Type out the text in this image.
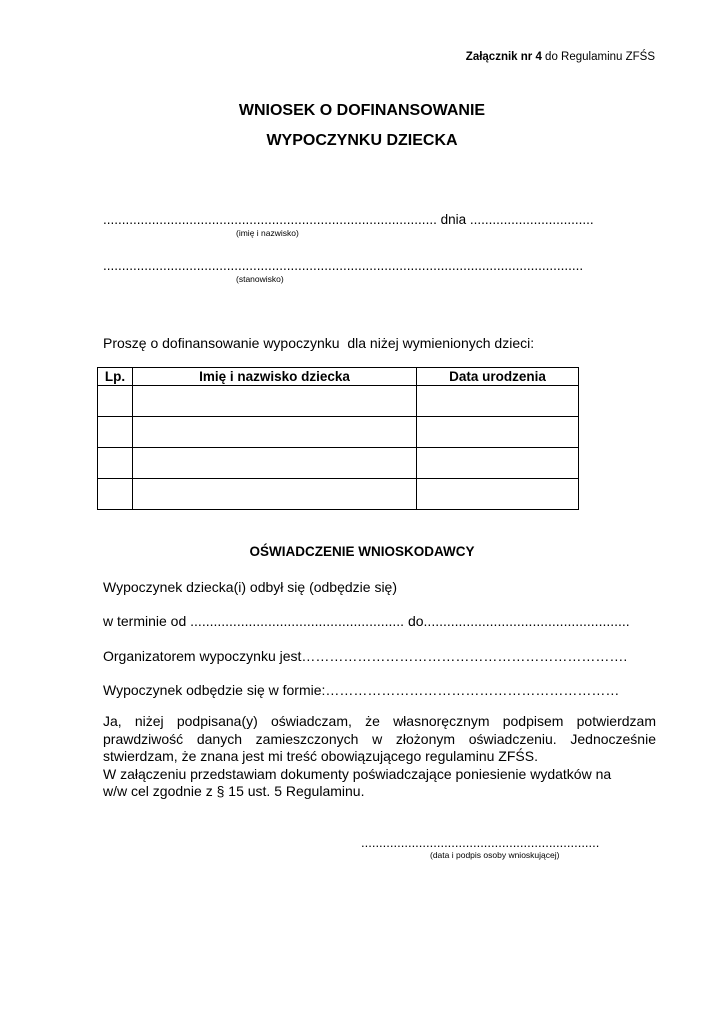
Załącznik nr 4 do Regulaminu ZFŚS
WNIOSEK O DOFINANSOWANIE
WYPOCZYNKU DZIECKA
......................................................................................... dnia .................................
(imię i nazwisko)
................................................................................................................................
(stanowisko)
Proszę o dofinansowanie wypoczynku  dla niżej wymienionych dzieci:
Lp.	Imię i nazwisko dziecka	Data urodzenia

OŚWIADCZENIE WNIOSKODAWCY
Wypoczynek dziecka(i) odbył się (odbędzie się)
w terminie od ....................................................... do.....................................................
Organizatorem wypoczynku jest…………………………………………………………….
Wypoczynek odbędzie się w formie:………………………………………………………
Ja, niżej podpisana(y) oświadczam, że własnoręcznym podpisem potwierdzam
prawdziwość danych zamieszczonych w złożonym oświadczeniu. Jednocześnie
stwierdzam, że znana jest mi treść obowiązującego regulaminu ZFŚS.
W załączeniu przedstawiam dokumenty poświadczające poniesienie wydatków na
w/w cel zgodnie z § 15 ust. 5 Regulaminu.
..................................................................
(data i podpis osoby wnioskującej)
